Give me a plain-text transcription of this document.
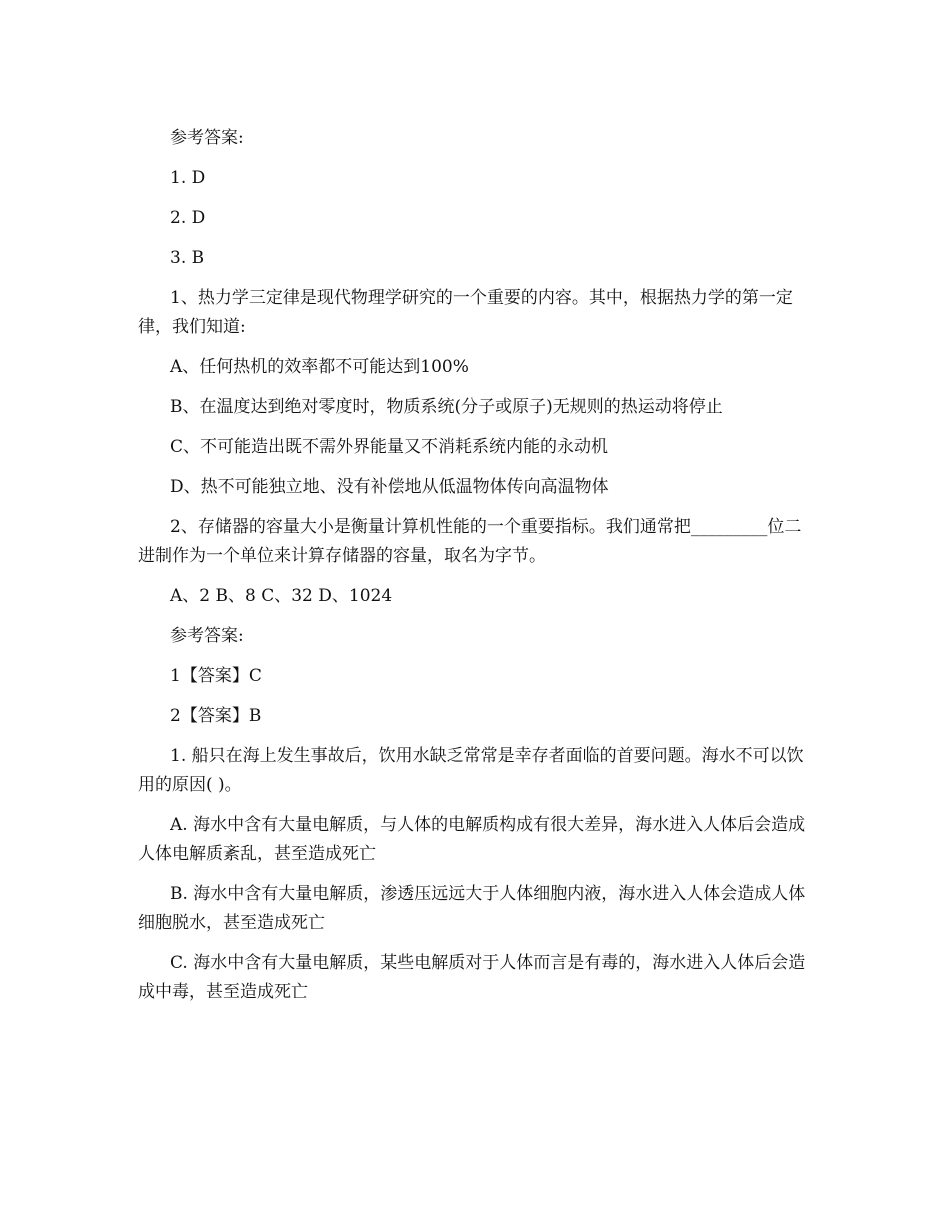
参考答案:

1. D

2. D

3. B

1、热力学三定律是现代物理学研究的一个重要的内容。其中，根据热力学的第一定律，我们知道:

A、任何热机的效率都不可能达到100%

B、在温度达到绝对零度时，物质系统(分子或原子)无规则的热运动将停止

C、不可能造出既不需外界能量又不消耗系统内能的永动机

D、热不可能独立地、没有补偿地从低温物体传向高温物体

2、存储器的容量大小是衡量计算机性能的一个重要指标。我们通常把_________位二进制作为一个单位来计算存储器的容量，取名为字节。

A、2 B、8 C、32 D、1024

参考答案:

1【答案】C

2【答案】B

1. 船只在海上发生事故后，饮用水缺乏常常是幸存者面临的首要问题。海水不可以饮用的原因( )。

A. 海水中含有大量电解质，与人体的电解质构成有很大差异，海水进入人体后会造成人体电解质紊乱，甚至造成死亡

B. 海水中含有大量电解质，渗透压远远大于人体细胞内液，海水进入人体会造成人体细胞脱水，甚至造成死亡

C. 海水中含有大量电解质，某些电解质对于人体而言是有毒的，海水进入人体后会造成中毒，甚至造成死亡
